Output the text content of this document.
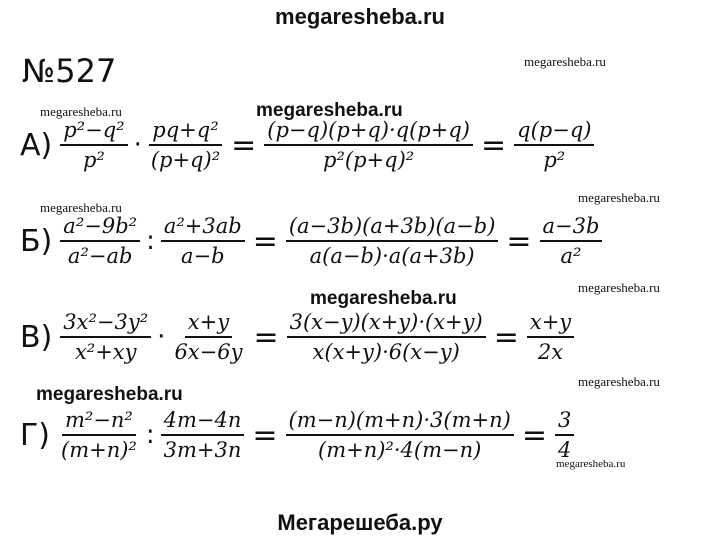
megaresheba.ru
№527	megaresheba.ru
megaresheba.ru	megaresheba.ru
$А) \frac{\text{p²−q²}}{\text{p²}} \cdot \frac{\text{pq+q²}}{\text{(p+q)²}} = \frac{(p-q)(p+q)\cdot q(p+q)}{\text{p²(p+q)²}} = \frac{q(p-q)}{\text{p²}}$
megaresheba.ru
megaresheba.ru
$Б) \frac{\text{a²−9b²}}{\text{a²−ab}}$ : $\frac{\text{a²+3ab}}{a-b} = \frac{(a-3b)(a+3b)(a-b)}{a(a-b)\cdot a(a+3b)} = \frac{a-3b}{\text{a²}}$
megaresheba.ru
megaresheba.ru
$В) \frac{\text{3x²−3y²}}{\text{x²+xy}} \cdot \frac{x+y}{6x-6y} = \frac{3(x-y)(x+y)\cdot(x+y)}{x(x+y)\cdot 6(x-y)} = \frac{x+y}{2x}$
megaresheba.ru
megaresheba.ru
$Г) \frac{\text{m²−n²}}{\text{(m+n)²}}$ : $\frac{4m-4n}{3m+3n} = \frac{(m-n)(m+n)\cdot 3(m+n)}{\text{(m+n)²·4(m−n)}} = \frac{3}{4}$
megaresheba.ru
Мегарешеба.ру
